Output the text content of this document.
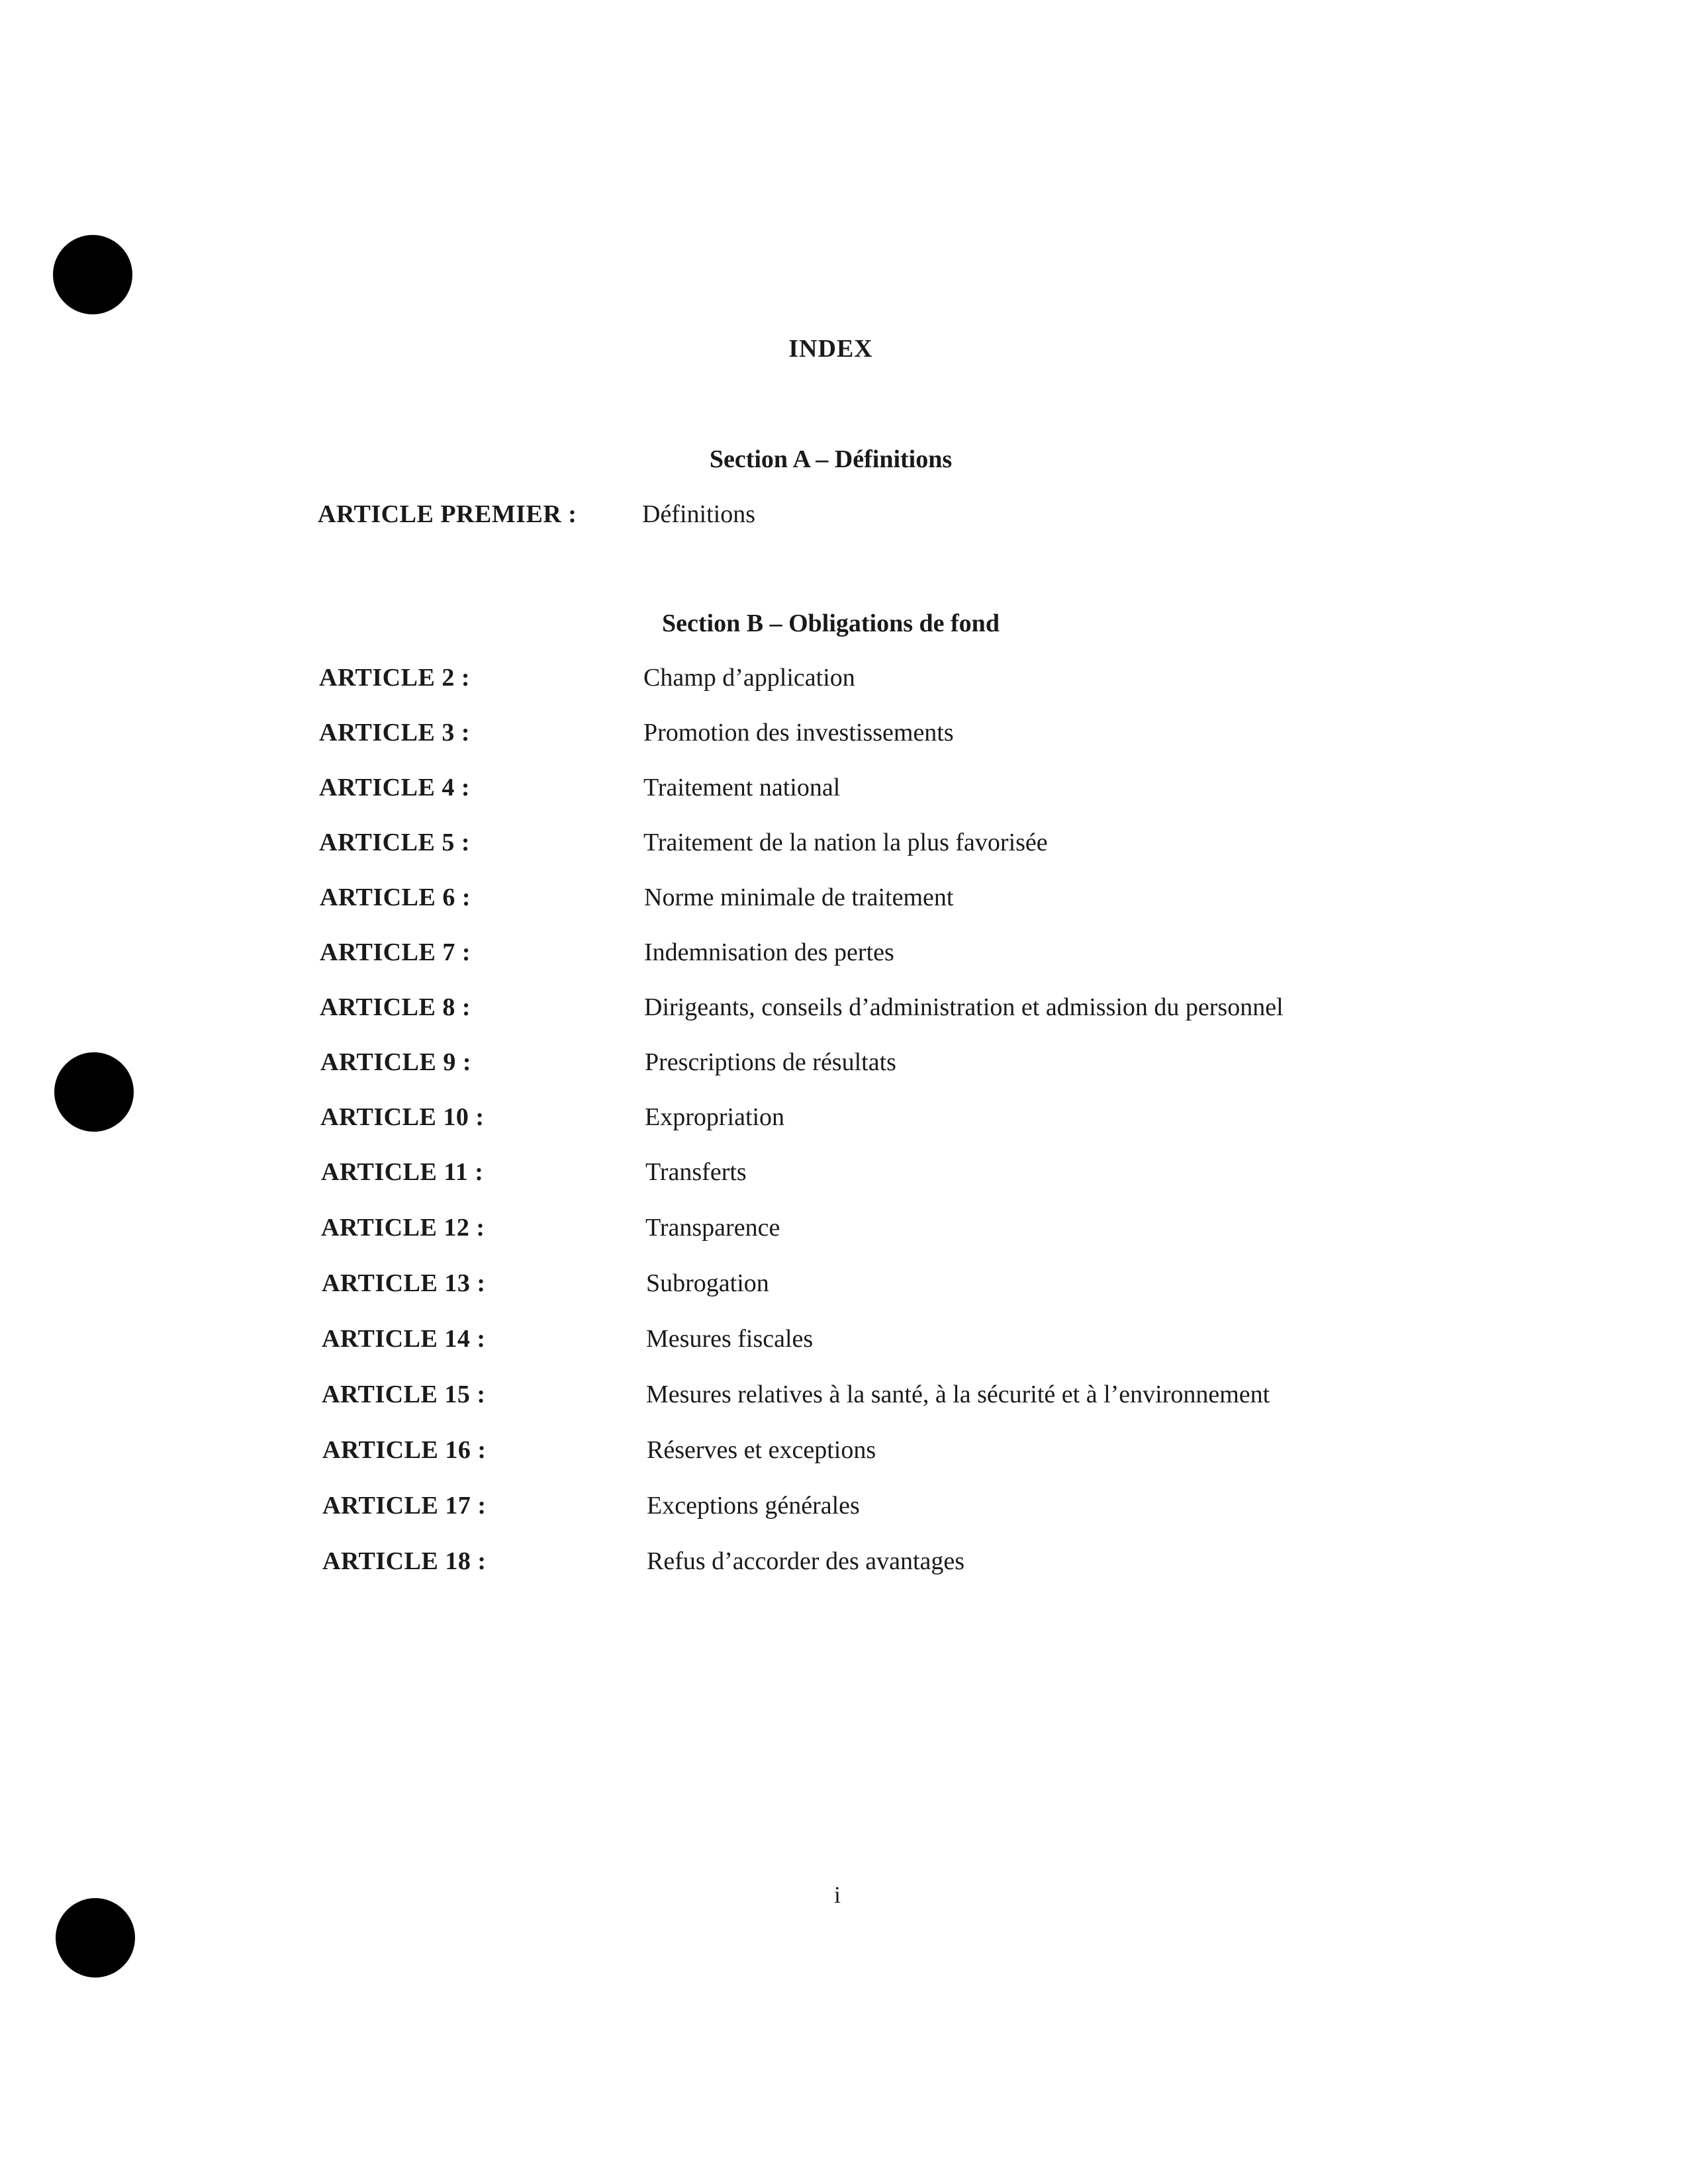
INDEX
Section A – Définitions
ARTICLE PREMIER :	Définitions
Section B – Obligations de fond
ARTICLE 2 :	Champ d’application
ARTICLE 3 :	Promotion des investissements
ARTICLE 4 :	Traitement national
ARTICLE 5 :	Traitement de la nation la plus favorisée
ARTICLE 6 :	Norme minimale de traitement
ARTICLE 7 :	Indemnisation des pertes
ARTICLE 8 :	Dirigeants, conseils d’administration et admission du personnel
ARTICLE 9 :	Prescriptions de résultats
ARTICLE 10 :	Expropriation
ARTICLE 11 :	Transferts
ARTICLE 12 :	Transparence
ARTICLE 13 :	Subrogation
ARTICLE 14 :	Mesures fiscales
ARTICLE 15 :	Mesures relatives à la santé, à la sécurité et à l’environnement
ARTICLE 16 :	Réserves et exceptions
ARTICLE 17 :	Exceptions générales
ARTICLE 18 :	Refus d’accorder des avantages
i
